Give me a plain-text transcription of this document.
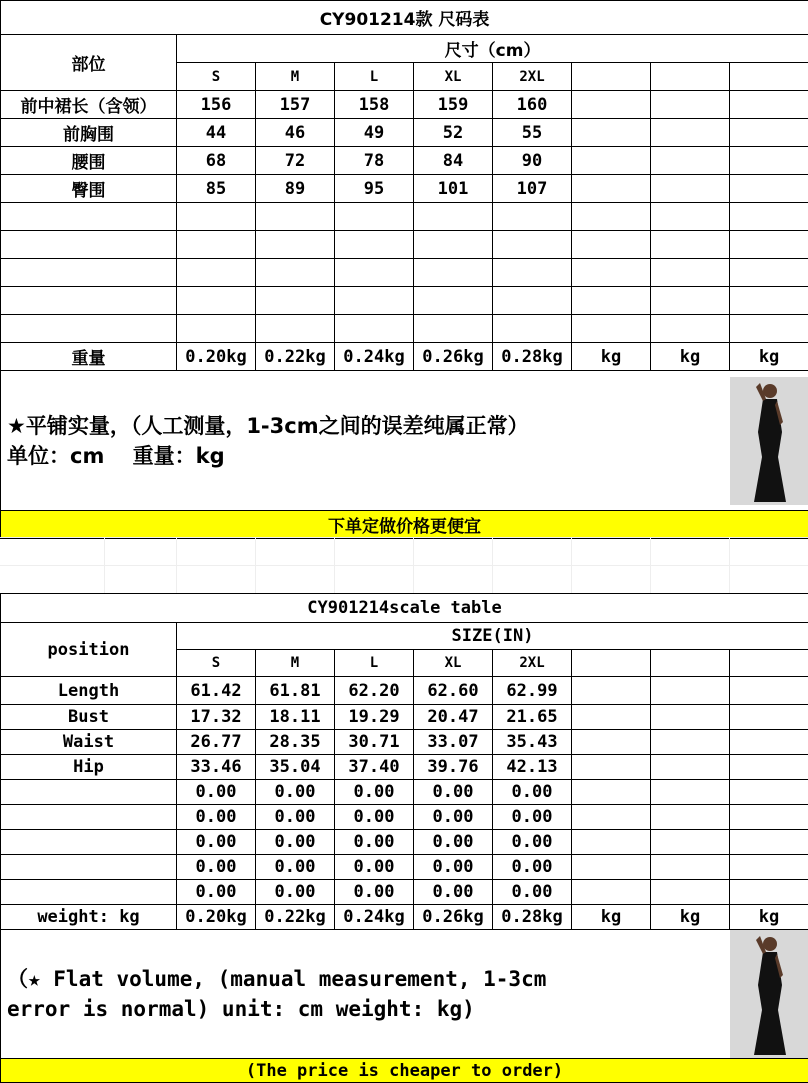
CY901214款 尺码表								
部位	尺寸（cm）							
	S	M	L	XL	2XL			
前中裙长（含领）	156	157	158	159	160			
前胸围	44	46	49	52	55			
腰围	68	72	78	84	90			
臀围	85	89	95	101	107			

重量	0.20kg	0.22kg	0.24kg	0.26kg	0.28kg	kg	kg	kg

★平铺实量，（人工测量，1-3cm之间的误差纯属正常）
单位：cm　 重量：kg

下单定做价格更便宜								
CY901214scale table								
position	SIZE(IN)							
	S	M	L	XL	2XL			
Length	61.42	61.81	62.20	62.60	62.99			
Bust	17.32	18.11	19.29	20.47	21.65			
Waist	26.77	28.35	30.71	33.07	35.43			
Hip	33.46	35.04	37.40	39.76	42.13			
	0.00	0.00	0.00	0.00	0.00			
	0.00	0.00	0.00	0.00	0.00			
	0.00	0.00	0.00	0.00	0.00			
	0.00	0.00	0.00	0.00	0.00			
	0.00	0.00	0.00	0.00	0.00			
weight: kg	0.20kg	0.22kg	0.24kg	0.26kg	0.28kg	kg	kg	kg

（★ Flat volume, (manual measurement, 1-3cm
error is normal) unit: cm weight: kg)

(The price is cheaper to order)								
